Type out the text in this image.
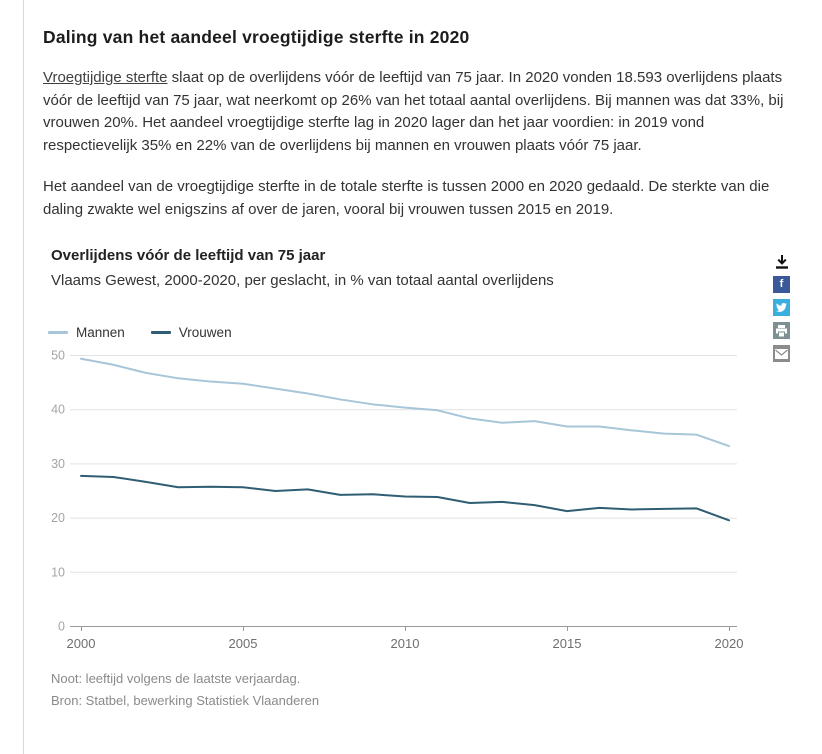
Daling van het aandeel vroegtijdige sterfte in 2020

Vroegtijdige sterfte slaat op de overlijdens vóór de leeftijd van 75 jaar. In 2020 vonden 18.593 overlijdens plaats vóór de leeftijd van 75 jaar, wat neerkomt op 26% van het totaal aantal overlijdens. Bij mannen was dat 33%, bij vrouwen 20%. Het aandeel vroegtijdige sterfte lag in 2020 lager dan het jaar voordien: in 2019 vond respectievelijk 35% en 22% van de overlijdens bij mannen en vrouwen plaats vóór 75 jaar.

Het aandeel van de vroegtijdige sterfte in de totale sterfte is tussen 2000 en 2020 gedaald. De sterkte van die daling zwakte wel enigszins af over de jaren, vooral bij vrouwen tussen 2015 en 2019.

Overlijdens vóór de leeftijd van 75 jaar
Vlaams Gewest, 2000-2020, per geslacht, in % van totaal aantal overlijdens	f
Mannen	Vrouwen
0
10
20
30
40
50
2000	2005	2010	2015	2020
Noot: leeftijd volgens de laatste verjaardag.
Bron: Statbel, bewerking Statistiek Vlaanderen
